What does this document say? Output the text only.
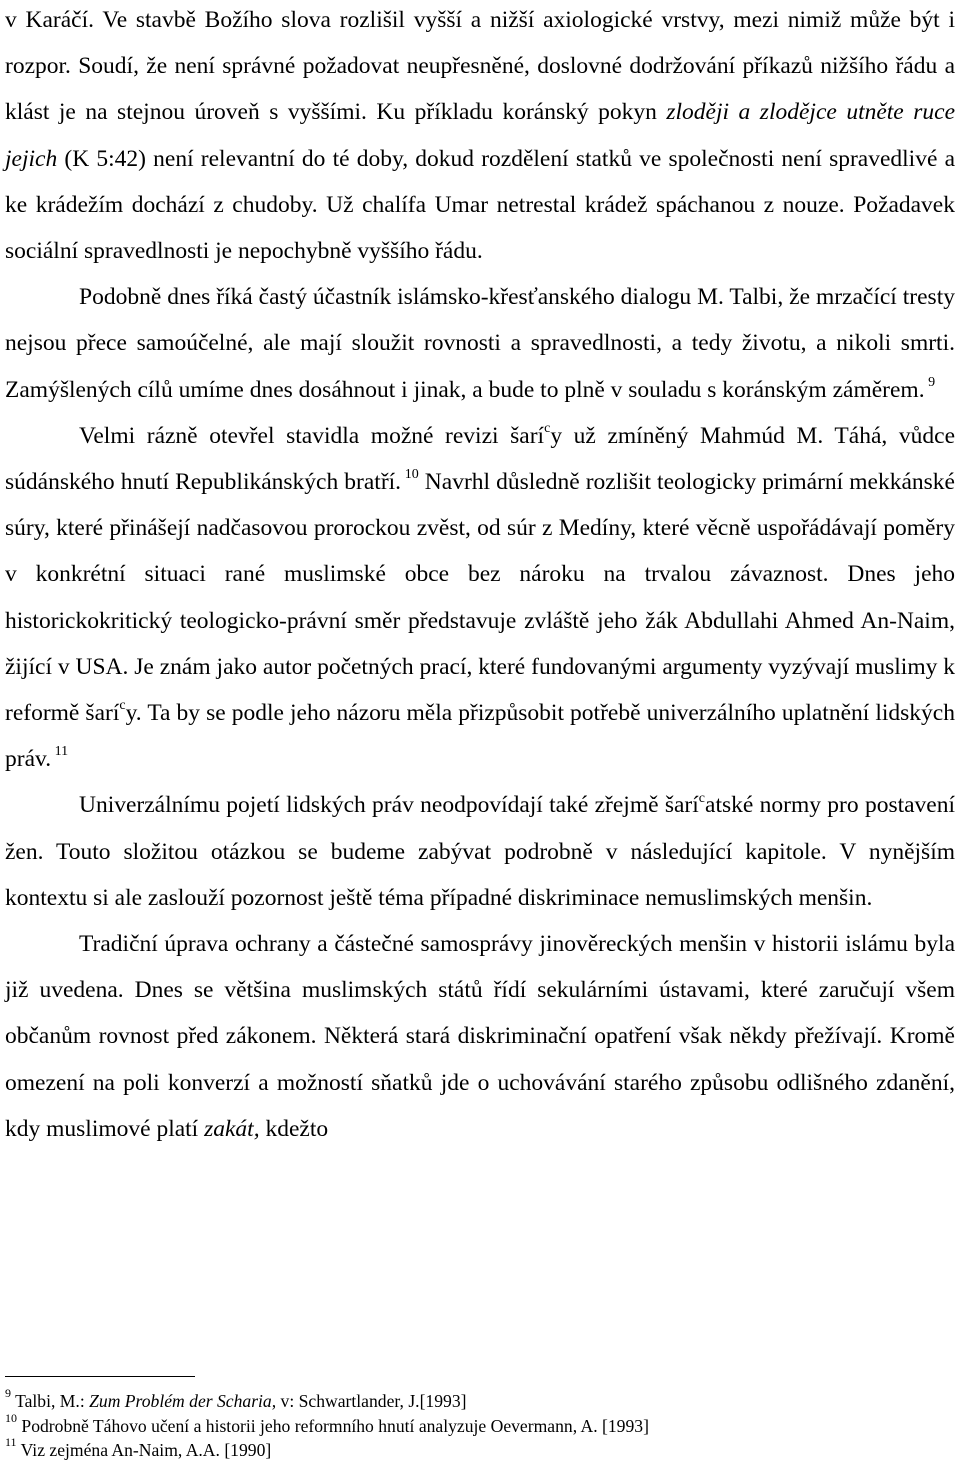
v Karáčí. Ve stavbě Božího slova rozlišil vyšší a nižší axiologické vrstvy, mezi nimiž může být i rozpor. Soudí, že není správné požadovat neupřesněné, doslovné dodržování příkazů nižšího řádu a klást je na stejnou úroveň s vyššími. Ku příkladu koránský pokyn zloději a zlodějce utněte ruce jejich (K 5:42) není relevantní do té doby, dokud rozdělení statků ve společnosti není spravedlivé a ke krádežím dochází z chudoby. Už chalífa Umar netrestal krádež spáchanou z nouze. Požadavek sociální spravedlnosti je nepochybně vyššího řádu.

Podobně dnes říká častý účastník islámsko-křesťanského dialogu M. Talbi, že mrzačící tresty nejsou přece samoúčelné, ale mají sloužit rovnosti a spravedlnosti, a tedy životu, a nikoli smrti. Zamýšlených cílů umíme dnes dosáhnout i jinak, a bude to plně v souladu s koránským záměrem. $^9$

Velmi rázně otevřel stavidla možné revizi šarí$^c$y už zmíněný Mahmúd M. Táhá, vůdce súdánského hnutí Republikánských bratří. $^{10}$ Navrhl důsledně rozlišit teologicky primární mekkánské súry, které přinášejí nadčasovou prorockou zvěst, od súr z Medíny, které věcně uspořádávají poměry v konkrétní situaci rané muslimské obce bez nároku na trvalou závaznost. Dnes jeho historickokritický teologicko-právní směr představuje zvláště jeho žák Abdullahi Ahmed An-Naim, žijící v USA. Je znám jako autor početných prací, které fundovanými argumenty vyzývají muslimy k reformě šarí$^c$y. Ta by se podle jeho názoru měla přizpůsobit potřebě univerzálního uplatnění lidských práv. $^{11}$

Univerzálnímu pojetí lidských práv neodpovídají také zřejmě šarí$^c$atské normy pro postavení žen. Touto složitou otázkou se budeme zabývat podrobně v následující kapitole. V nynějším kontextu si ale zaslouží pozornost ještě téma případné diskriminace nemuslimských menšin.

Tradiční úprava ochrany a částečné samosprávy jinověreckých menšin v historii islámu byla již uvedena. Dnes se většina muslimských států řídí sekulárními ústavami, které zaručují všem občanům rovnost před zákonem. Některá stará diskriminační opatření však někdy přežívají. Kromě omezení na poli konverzí a možností sňatků jde o uchovávání starého způsobu odlišného zdanění, kdy muslimové platí zakát, kdežto

$^9$ Talbi, M.: Zum Problém der Scharia, v: Schwartlander, J.[1993]

$^{10}$ Podrobně Táhovo učení a historii jeho reformního hnutí analyzuje Oevermann, A. [1993]

$^{11}$ Viz zejména An-Naim, A.A. [1990]
